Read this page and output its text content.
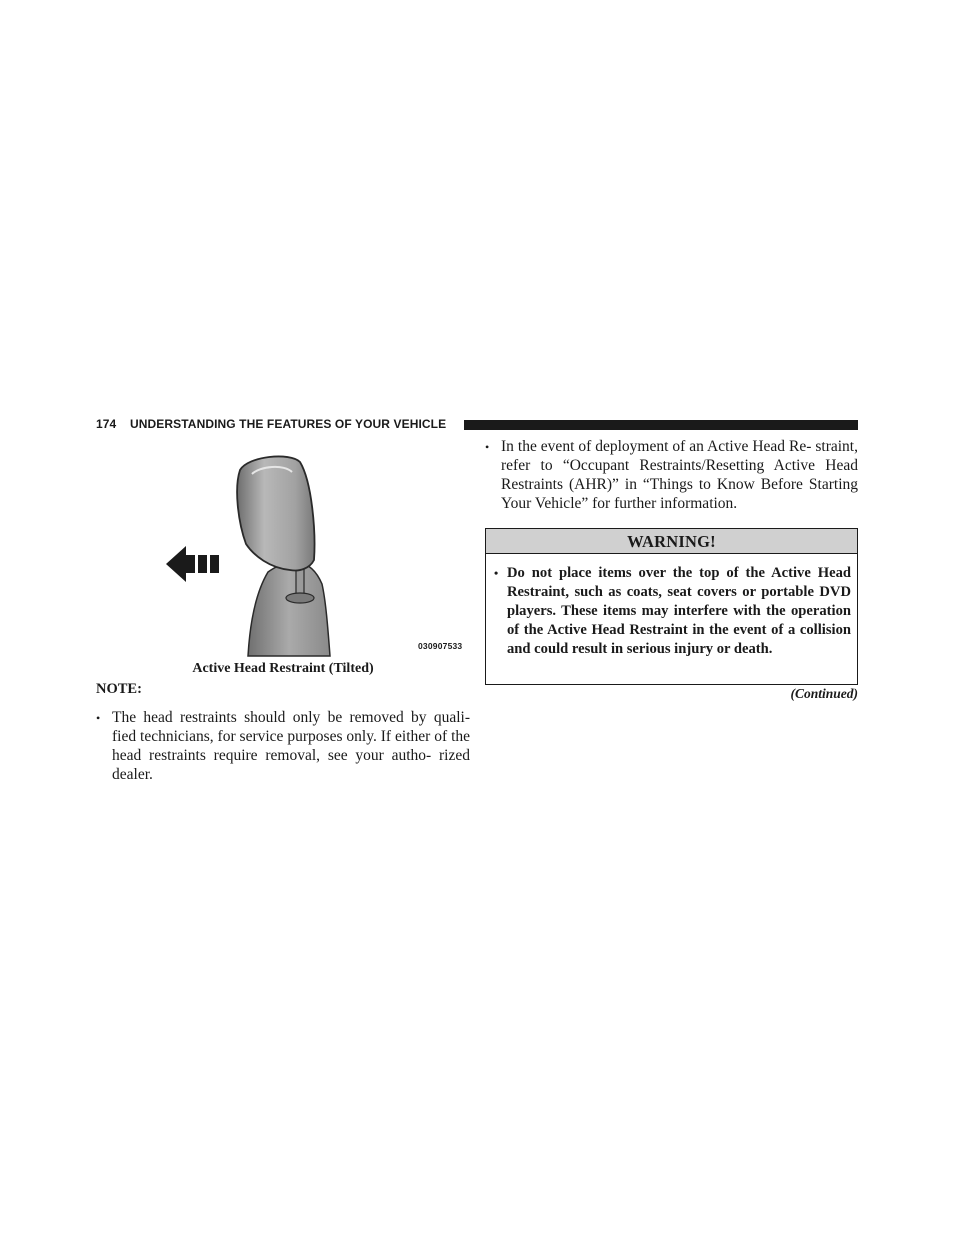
174 UNDERSTANDING THE FEATURES OF YOUR VEHICLE
030907533
Active Head Restraint (Tilted)
NOTE:
• The head restraints should only be removed by quali- fied technicians, for service purposes only. If either of the head restraints require removal, see your autho- rized dealer.
• In the event of deployment of an Active Head Re- straint, refer to “Occupant Restraints/Resetting Active Head Restraints (AHR)” in “Things to Know Before Starting Your Vehicle” for further information.
WARNING!
• Do not place items over the top of the Active Head Restraint, such as coats, seat covers or portable DVD players. These items may interfere with the operation of the Active Head Restraint in the event of a collision and could result in serious injury or death.
(Continued)
